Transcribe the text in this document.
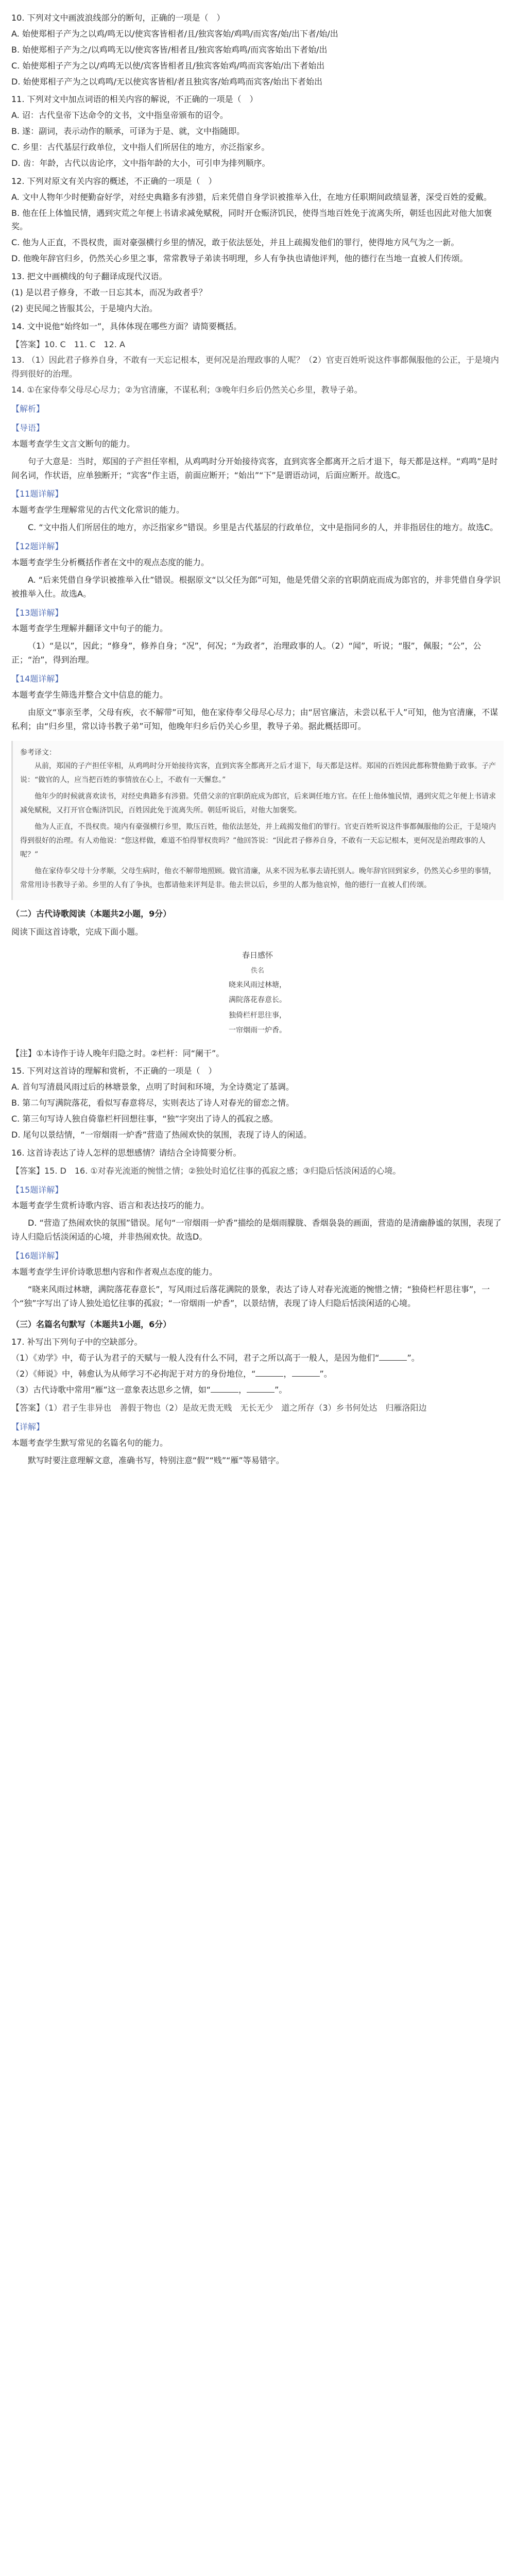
10. 下列对文中画波浪线部分的断句，正确的一项是（　）
A. 始使郑相子产为之以鸡/鸣无以/使宾客皆相者/且/独宾客始/鸡鸣/而宾客/始/出下者/始/出
B. 始使郑相子产为之/以鸡鸣无以/使宾客皆/相者且/独宾客始鸡鸣/而宾客始出下者始/出
C. 始使郑相子产为之以/鸡鸣无以使/宾客皆相者且/独宾客始鸡/鸣而宾客始/出下者始出
D. 始使郑相子产为之以鸡鸣/无以使宾客皆相/者且独宾客/始鸡鸣而宾客/始出下者始出
11. 下列对文中加点词语的相关内容的解说，不正确的一项是（　）
A. 诏：古代皇帝下达命令的文书，文中指皇帝颁布的诏令。
B. 遂：副词，表示动作的顺承，可译为于是、就，文中指随即。
C. 乡里：古代基层行政单位，文中指人们所居住的地方，亦泛指家乡。
D. 齿：年龄，古代以齿论序，文中指年龄的大小，可引申为排列顺序。
12. 下列对原文有关内容的概述，不正确的一项是（　）
A. 文中人物年少时便勤奋好学，对经史典籍多有涉猎，后来凭借自身学识被推举入仕，在地方任职期间政绩显著，深受百姓的爱戴。
B. 他在任上体恤民情，遇到灾荒之年便上书请求减免赋税，同时开仓赈济饥民，使得当地百姓免于流离失所，朝廷也因此对他大加褒奖。
C. 他为人正直，不畏权贵，面对豪强横行乡里的情况，敢于依法惩处，并且上疏揭发他们的罪行，使得地方风气为之一新。
D. 他晚年辞官归乡，仍然关心乡里之事，常常教导子弟读书明理，乡人有争执也请他评判，他的德行在当地一直被人们传颂。
13. 把文中画横线的句子翻译成现代汉语。
(1) 是以君子修身，不敢一日忘其本，而况为政者乎？
(2) 吏民闻之皆服其公，于是境内大治。
14. 文中说他“始终如一”，具体体现在哪些方面？请简要概括。
【答案】10. C　11. C　12. A
13. （1）因此君子修养自身，不敢有一天忘记根本，更何况是治理政事的人呢？（2）官吏百姓听说这件事都佩服他的公正，于是境内得到很好的治理。
14. ①在家侍奉父母尽心尽力；②为官清廉，不谋私利；③晚年归乡后仍然关心乡里，教导子弟。
【解析】
【导语】
本题考查学生文言文断句的能力。
句子大意是：当时，郑国的子产担任宰相，从鸡鸣时分开始接待宾客，直到宾客全都离开之后才退下，每天都是这样。“鸡鸣”是时间名词，作状语，应单独断开；“宾客”作主语，前面应断开；“始出”“下”是谓语动词，后面应断开。故选C。
【11题详解】
本题考查学生理解常见的古代文化常识的能力。
C. “文中指人们所居住的地方，亦泛指家乡”错误。乡里是古代基层的行政单位，文中是指同乡的人，并非指居住的地方。故选C。
【12题详解】
本题考查学生分析概括作者在文中的观点态度的能力。
A. “后来凭借自身学识被推举入仕”错误。根据原文“以父任为郎”可知，他是凭借父亲的官职荫庇而成为郎官的，并非凭借自身学识被推举入仕。故选A。
【13题详解】
本题考查学生理解并翻译文中句子的能力。
（1）“是以”，因此；“修身”，修养自身；“况”，何况；“为政者”，治理政事的人。（2）“闻”，听说；“服”，佩服；“公”，公正；“治”，得到治理。
【14题详解】
本题考查学生筛选并整合文中信息的能力。
由原文“事亲至孝，父母有疾，衣不解带”可知，他在家侍奉父母尽心尽力；由“居官廉洁，未尝以私干人”可知，他为官清廉，不谋私利；由“归乡里，常以诗书教子弟”可知，他晚年归乡后仍关心乡里，教导子弟。据此概括即可。
参考译文：

从前，郑国的子产担任宰相，从鸡鸣时分开始接待宾客，直到宾客全都离开之后才退下，每天都是这样。郑国的百姓因此都称赞他勤于政事。子产说：“做官的人，应当把百姓的事情放在心上，不敢有一天懈怠。”

他年少的时候就喜欢读书，对经史典籍多有涉猎。凭借父亲的官职荫庇成为郎官，后来调任地方官。在任上他体恤民情，遇到灾荒之年便上书请求减免赋税，又打开官仓赈济饥民，百姓因此免于流离失所。朝廷听说后，对他大加褒奖。

他为人正直，不畏权贵。境内有豪强横行乡里，欺压百姓，他依法惩处，并上疏揭发他们的罪行。官吏百姓听说这件事都佩服他的公正，于是境内得到很好的治理。有人劝他说：“您这样做，难道不怕得罪权贵吗？”他回答说：“因此君子修养自身，不敢有一天忘记根本，更何况是治理政事的人呢？”

他在家侍奉父母十分孝顺，父母生病时，他衣不解带地照顾。做官清廉，从来不因为私事去请托别人。晚年辞官回到家乡，仍然关心乡里的事情，常常用诗书教导子弟。乡里的人有了争执，也都请他来评判是非。他去世以后，乡里的人都为他哀悼，他的德行一直被人们传颂。

（二）古代诗歌阅读（本题共2小题，9分）
阅读下面这首诗歌，完成下面小题。
春日感怀
佚名
晓来风雨过林塘，
满院落花春意长。
独倚栏杆思往事，
一帘烟雨一炉香。
【注】①本诗作于诗人晚年归隐之时。②栏杆：同“阑干”。
15. 下列对这首诗的理解和赏析，不正确的一项是（　）
A. 首句写清晨风雨过后的林塘景象，点明了时间和环境，为全诗奠定了基调。
B. 第二句写满院落花，看似写春意将尽，实则表达了诗人对春光的留恋之情。
C. 第三句写诗人独自倚靠栏杆回想往事，“独”字突出了诗人的孤寂之感。
D. 尾句以景结情，“一帘烟雨一炉香”营造了热闹欢快的氛围，表现了诗人的闲适。
16. 这首诗表达了诗人怎样的思想感情？请结合全诗简要分析。
【答案】15. D　16. ①对春光流逝的惋惜之情；②独处时追忆往事的孤寂之感；③归隐后恬淡闲适的心境。
【15题详解】
本题考查学生赏析诗歌内容、语言和表达技巧的能力。
D. “营造了热闹欢快的氛围”错误。尾句“一帘烟雨一炉香”描绘的是烟雨朦胧、香烟袅袅的画面，营造的是清幽静谧的氛围，表现了诗人归隐后恬淡闲适的心境，并非热闹欢快。故选D。
【16题详解】
本题考查学生评价诗歌思想内容和作者观点态度的能力。
“晓来风雨过林塘，满院落花春意长”，写风雨过后落花满院的景象，表达了诗人对春光流逝的惋惜之情；“独倚栏杆思往事”，一个“独”字写出了诗人独处追忆往事的孤寂；“一帘烟雨一炉香”，以景结情，表现了诗人归隐后恬淡闲适的心境。
（三）名篇名句默写（本题共1小题，6分）
17. 补写出下列句子中的空缺部分。
（1）《劝学》中，荀子认为君子的天赋与一般人没有什么不同，君子之所以高于一般人，是因为他们“	”。
（2）《师说》中，韩愈认为从师学习不必拘泥于对方的身份地位，“	，	”。
（3）古代诗歌中常用“雁”这一意象表达思乡之情，如“	，	”。
【答案】（1）君子生非异也　善假于物也（2）是故无贵无贱　无长无少　道之所存（3）乡书何处达　归雁洛阳边
【详解】
本题考查学生默写常见的名篇名句的能力。
默写时要注意理解文意，准确书写，特别注意“假”“贱”“雁”等易错字。
